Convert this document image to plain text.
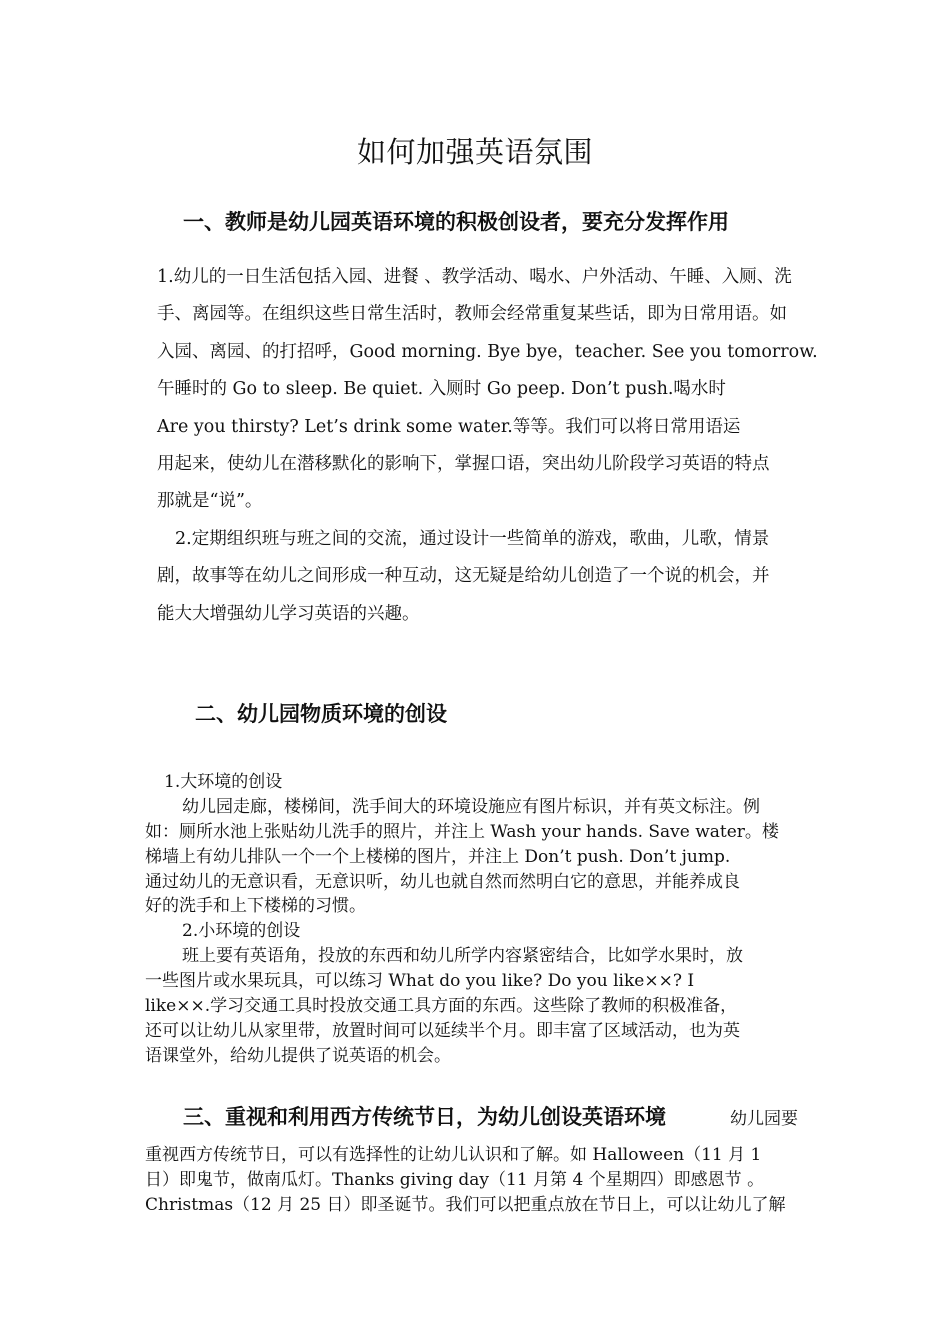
如何加强英语氛围
一、教师是幼儿园英语环境的积极创设者，要充分发挥作用
1.幼儿的一日生活包括入园、进餐 、教学活动、喝水、户外活动、午睡、入厕、洗
手、离园等。在组织这些日常生活时，教师会经常重复某些话，即为日常用语。如
入园、离园、的打招呼，Good morning. Bye bye，teacher. See you tomorrow.
午睡时的 Go to sleep. Be quiet. 入厕时 Go peep. Don’t push.喝水时
Are you thirsty? Let’s drink some water.等等。我们可以将日常用语运
用起来，使幼儿在潜移默化的影响下，掌握口语，突出幼儿阶段学习英语的特点
那就是“说”。
2.定期组织班与班之间的交流，通过设计一些简单的游戏，歌曲，儿歌，情景
剧，故事等在幼儿之间形成一种互动，这无疑是给幼儿创造了一个说的机会，并
能大大增强幼儿学习英语的兴趣。
二、幼儿园物质环境的创设
1.大环境的创设
幼儿园走廊，楼梯间，洗手间大的环境设施应有图片标识，并有英文标注。例
如：厕所水池上张贴幼儿洗手的照片，并注上 Wash your hands. Save water。楼
梯墙上有幼儿排队一个一个上楼梯的图片，并注上 Don’t push. Don’t jump.
通过幼儿的无意识看，无意识听，幼儿也就自然而然明白它的意思，并能养成良
好的洗手和上下楼梯的习惯。
2.小环境的创设
班上要有英语角，投放的东西和幼儿所学内容紧密结合，比如学水果时，放
一些图片或水果玩具，可以练习 What do you like? Do you like××? I
like××.学习交通工具时投放交通工具方面的东西。这些除了教师的积极准备，
还可以让幼儿从家里带，放置时间可以延续半个月。即丰富了区域活动，也为英
语课堂外，给幼儿提供了说英语的机会。
三、重视和利用西方传统节日，为幼儿创设英语环境	幼儿园要
重视西方传统节日，可以有选择性的让幼儿认识和了解。如 Halloween（11 月 1
日）即鬼节，做南瓜灯。Thanks giving day（11 月第 4 个星期四）即感恩节 。
Christmas（12 月 25 日）即圣诞节。我们可以把重点放在节日上，可以让幼儿了解
